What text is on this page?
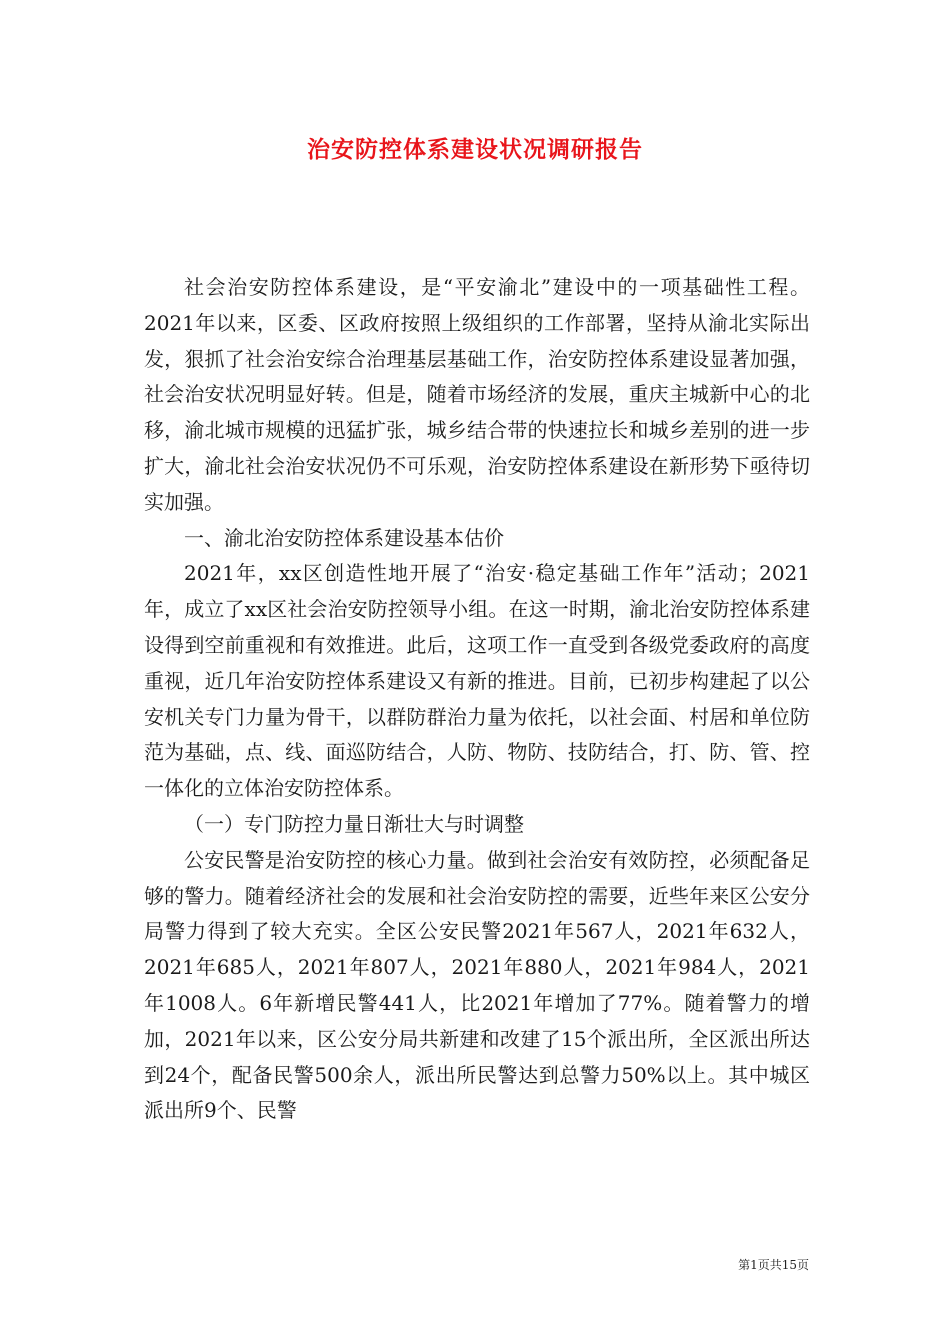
治安防控体系建设状况调研报告

社会治安防控体系建设，是“平安渝北”建设中的一项基础性工程。2021年以来，区委、区政府按照上级组织的工作部署，坚持从渝北实际出发，狠抓了社会治安综合治理基层基础工作，治安防控体系建设显著加强，社会治安状况明显好转。但是，随着市场经济的发展，重庆主城新中心的北移，渝北城市规模的迅猛扩张，城乡结合带的快速拉长和城乡差别的进一步扩大，渝北社会治安状况仍不可乐观，治安防控体系建设在新形势下亟待切实加强。

一、渝北治安防控体系建设基本估价

2021年，xx区创造性地开展了“治安·稳定基础工作年”活动；2021年，成立了xx区社会治安防控领导小组。在这一时期，渝北治安防控体系建设得到空前重视和有效推进。此后，这项工作一直受到各级党委政府的高度重视，近几年治安防控体系建设又有新的推进。目前，已初步构建起了以公安机关专门力量为骨干，以群防群治力量为依托，以社会面、村居和单位防范为基础，点、线、面巡防结合，人防、物防、技防结合，打、防、管、控一体化的立体治安防控体系。

（一）专门防控力量日渐壮大与时调整

公安民警是治安防控的核心力量。做到社会治安有效防控，必须配备足够的警力。随着经济社会的发展和社会治安防控的需要，近些年来区公安分局警力得到了较大充实。全区公安民警2021年567人，2021年632人，2021年685人，2021年807人，2021年880人，2021年984人，2021年1008人。6年新增民警441人，比2021年增加了77%。随着警力的增加，2021年以来，区公安分局共新建和改建了15个派出所，全区派出所达到24个，配备民警500余人，派出所民警达到总警力50%以上。其中城区派出所9个、民警

第1页共15页
